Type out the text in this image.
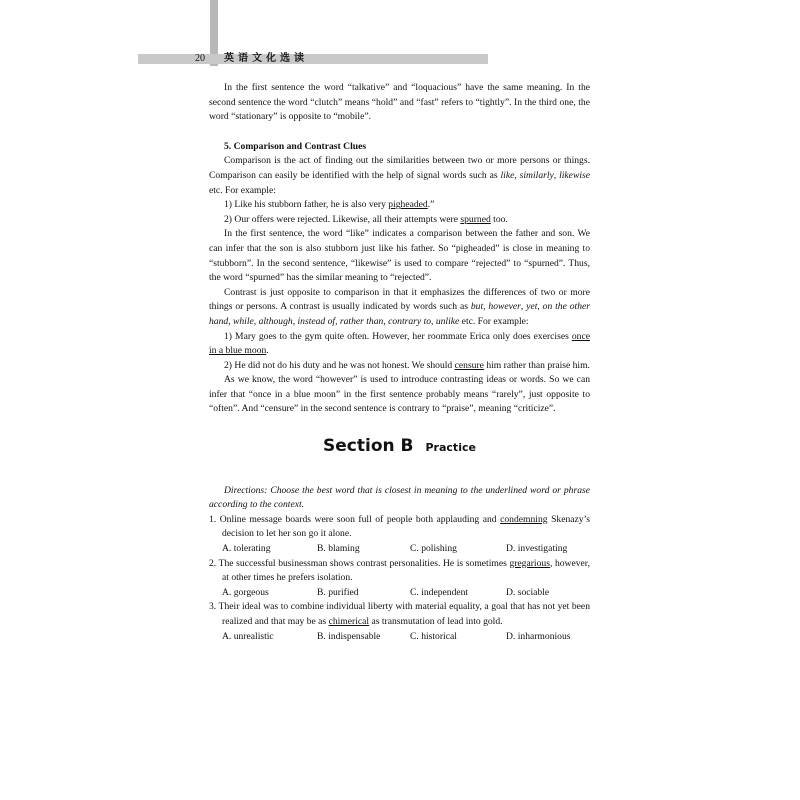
20 英语文化选读

In the first sentence the word “talkative” and “loquacious” have the same meaning. In the second sentence the word “clutch” means “hold” and “fast” refers to “tightly”. In the third one, the word “stationary” is opposite to “mobile”.

5. Comparison and Contrast Clues

Comparison is the act of finding out the similarities between two or more persons or things. Comparison can easily be identified with the help of signal words such as like, similarly, likewise etc. For example:

1) Like his stubborn father, he is also very pigheaded.”

2) Our offers were rejected. Likewise, all their attempts were spurned too.

In the first sentence, the word “like” indicates a comparison between the father and son. We can infer that the son is also stubborn just like his father. So “pigheaded” is close in meaning to “stubborn”. In the second sentence, “likewise” is used to compare “rejected” to “spurned”. Thus, the word “spurned” has the similar meaning to “rejected”.

Contrast is just opposite to comparison in that it emphasizes the differences of two or more things or persons. A contrast is usually indicated by words such as but, however, yet, on the other hand, while, although, instead of, rather than, contrary to, unlike etc. For example:

1) Mary goes to the gym quite often. However, her roommate Erica only does exercises once in a blue moon.

2) He did not do his duty and he was not honest. We should censure him rather than praise him.

As we know, the word “however” is used to introduce contrasting ideas or words. So we can infer that “once in a blue moon” in the first sentence probably means “rarely”, just opposite to “often”. And “censure” in the second sentence is contrary to “praise”, meaning “criticize”.

Section B Practice

Directions: Choose the best word that is closest in meaning to the underlined word or phrase according to the context.

1. Online message boards were soon full of people both applauding and condemning Skenazy’s decision to let her son go it alone.

A. tolerating	B. blaming	C. polishing	D. investigating

2. The successful businessman shows contrast personalities. He is sometimes gregarious, however, at other times he prefers isolation.

A. gorgeous	B. purified	C. independent	D. sociable

3. Their ideal was to combine individual liberty with material equality, a goal that has not yet been realized and that may be as chimerical as transmutation of lead into gold.

A. unrealistic	B. indispensable	C. historical	D. inharmonious
